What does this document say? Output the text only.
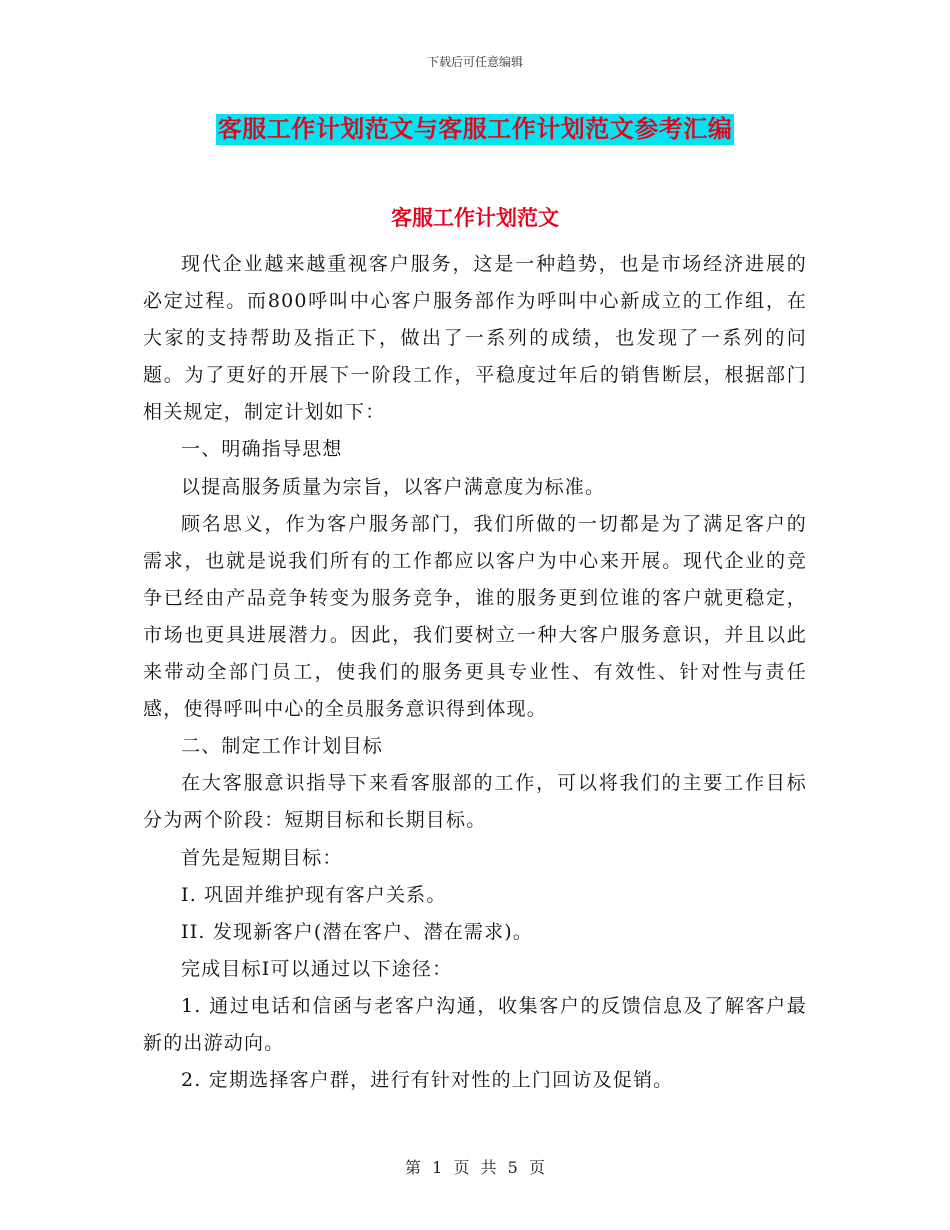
下载后可任意编辑
客服工作计划范文与客服工作计划范文参考汇编
客服工作计划范文

现代企业越来越重视客户服务，这是一种趋势，也是市场经济进展的必定过程。而800呼叫中心客户服务部作为呼叫中心新成立的工作组，在大家的支持帮助及指正下，做出了一系列的成绩，也发现了一系列的问题。为了更好的开展下一阶段工作，平稳度过年后的销售断层，根据部门相关规定，制定计划如下：

一、明确指导思想

以提高服务质量为宗旨，以客户满意度为标准。

顾名思义，作为客户服务部门，我们所做的一切都是为了满足客户的需求，也就是说我们所有的工作都应以客户为中心来开展。现代企业的竞争已经由产品竞争转变为服务竞争，谁的服务更到位谁的客户就更稳定，市场也更具进展潜力。因此，我们要树立一种大客户服务意识，并且以此来带动全部门员工，使我们的服务更具专业性、有效性、针对性与责任感，使得呼叫中心的全员服务意识得到体现。

二、制定工作计划目标

在大客服意识指导下来看客服部的工作，可以将我们的主要工作目标分为两个阶段：短期目标和长期目标。

首先是短期目标：

I. 巩固并维护现有客户关系。

II. 发现新客户(潜在客户、潜在需求)。

完成目标I可以通过以下途径：

1. 通过电话和信函与老客户沟通，收集客户的反馈信息及了解客户最新的出游动向。

2. 定期选择客户群，进行有针对性的上门回访及促销。

第 1 页 共 5 页
